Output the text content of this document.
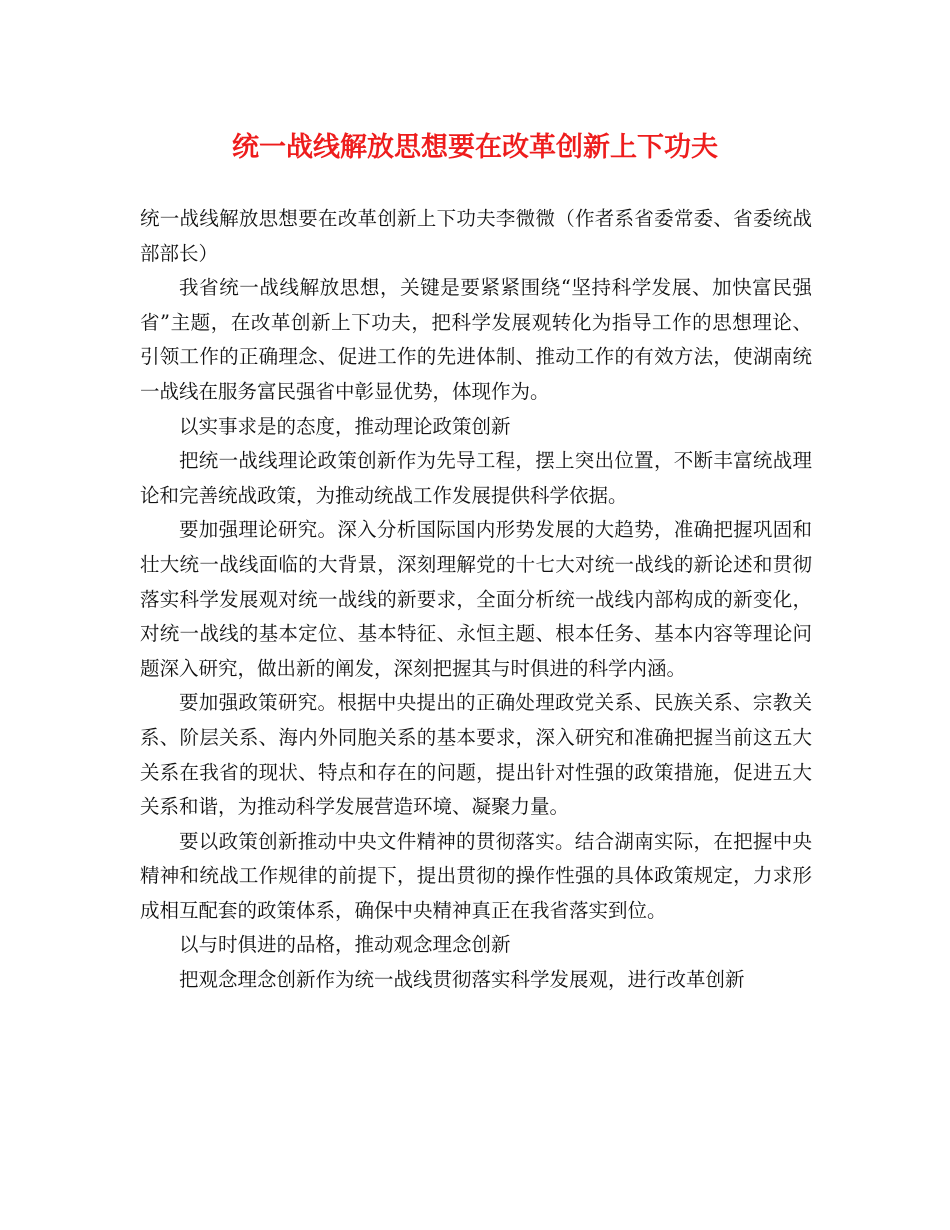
统一战线解放思想要在改革创新上下功夫

统一战线解放思想要在改革创新上下功夫李微微（作者系省委常委、省委统战部部长）

我省统一战线解放思想，关键是要紧紧围绕“坚持科学发展、加快富民强省”主题，在改革创新上下功夫，把科学发展观转化为指导工作的思想理论、引领工作的正确理念、促进工作的先进体制、推动工作的有效方法，使湖南统一战线在服务富民强省中彰显优势，体现作为。

以实事求是的态度，推动理论政策创新

把统一战线理论政策创新作为先导工程，摆上突出位置，不断丰富统战理论和完善统战政策，为推动统战工作发展提供科学依据。

要加强理论研究。深入分析国际国内形势发展的大趋势，准确把握巩固和壮大统一战线面临的大背景，深刻理解党的十七大对统一战线的新论述和贯彻落实科学发展观对统一战线的新要求，全面分析统一战线内部构成的新变化，对统一战线的基本定位、基本特征、永恒主题、根本任务、基本内容等理论问题深入研究，做出新的阐发，深刻把握其与时俱进的科学内涵。

要加强政策研究。根据中央提出的正确处理政党关系、民族关系、宗教关系、阶层关系、海内外同胞关系的基本要求，深入研究和准确把握当前这五大关系在我省的现状、特点和存在的问题，提出针对性强的政策措施，促进五大关系和谐，为推动科学发展营造环境、凝聚力量。

要以政策创新推动中央文件精神的贯彻落实。结合湖南实际，在把握中央精神和统战工作规律的前提下，提出贯彻的操作性强的具体政策规定，力求形成相互配套的政策体系，确保中央精神真正在我省落实到位。

以与时俱进的品格，推动观念理念创新

把观念理念创新作为统一战线贯彻落实科学发展观，进行改革创新
